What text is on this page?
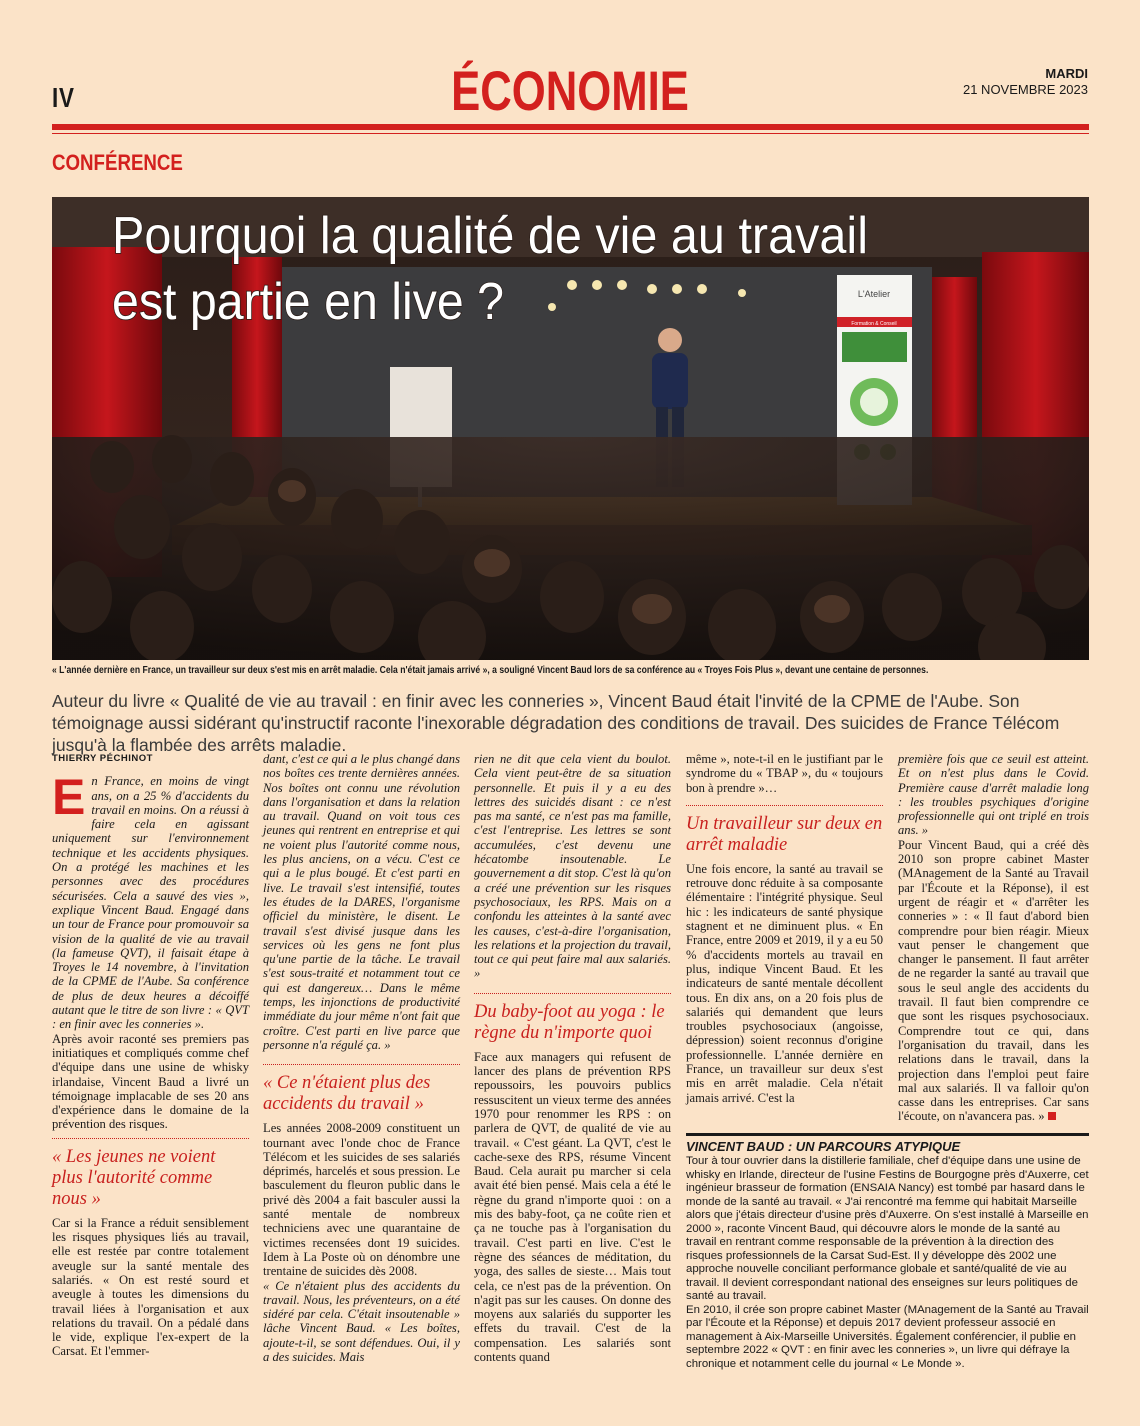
IV	ÉCONOMIE	MARDI
21 NOVEMBRE 2023
CONFÉRENCE
L'Atelier
Formation & Conseil
Pourquoi la qualité de vie au travail
est partie en live ?
« L'année dernière en France, un travailleur sur deux s'est mis en arrêt maladie. Cela n'était jamais arrivé », a souligné Vincent Baud lors de sa conférence au « Troyes Fois Plus », devant une centaine de personnes.
Auteur du livre « Qualité de vie au travail : en finir avec les conneries », Vincent Baud était l'invité de la CPME de l'Aube. Son témoignage aussi sidérant qu'instructif raconte l'inexorable dégradation des conditions de travail. Des suicides de France Télécom jusqu'à la flambée des arrêts maladie.
THIERRY PÉCHINOT

En France, en moins de vingt ans, on a 25 % d'accidents du travail en moins. On a réussi à faire cela en agissant uniquement sur l'environnement technique et les accidents physiques. On a protégé les machines et les personnes avec des procédures sécurisées. Cela a sauvé des vies », explique Vincent Baud. Engagé dans un tour de France pour promouvoir sa vision de la qualité de vie au travail (la fameuse QVT), il faisait étape à Troyes le 14 novembre, à l'invitation de la CPME de l'Aube. Sa conférence de plus de deux heures a décoiffé autant que le titre de son livre : « QVT : en finir avec les conneries ».

Après avoir raconté ses premiers pas initiatiques et compliqués comme chef d'équipe dans une usine de whisky irlandaise, Vincent Baud a livré un témoignage implacable de ses 20 ans d'expérience dans le domaine de la prévention des risques.

« Les jeunes ne voient plus l'autorité comme nous »

Car si la France a réduit sensiblement les risques physiques liés au travail, elle est restée par contre totalement aveugle sur la santé mentale des salariés. « On est resté sourd et aveugle à toutes les dimensions du travail liées à l'organisation et aux relations du travail. On a pédalé dans le vide, explique l'ex-expert de la Carsat. Et l'emmer-

dant, c'est ce qui a le plus changé dans nos boîtes ces trente dernières années. Nos boîtes ont connu une révolution dans l'organisation et dans la relation au travail. Quand on voit tous ces jeunes qui rentrent en entreprise et qui ne voient plus l'autorité comme nous, les plus anciens, on a vécu. C'est ce qui a le plus bougé. Et c'est parti en live. Le travail s'est intensifié, toutes les études de la DARES, l'organisme officiel du ministère, le disent. Le travail s'est divisé jusque dans les services où les gens ne font plus qu'une partie de la tâche. Le travail s'est sous-traité et notamment tout ce qui est dangereux… Dans le même temps, les injonctions de productivité immédiate du jour même n'ont fait que croître. C'est parti en live parce que personne n'a régulé ça. »

« Ce n'étaient plus des accidents du travail »

Les années 2008-2009 constituent un tournant avec l'onde choc de France Télécom et les suicides de ses salariés déprimés, harcelés et sous pression. Le basculement du fleuron public dans le privé dès 2004 a fait basculer aussi la santé mentale de nombreux techniciens avec une quarantaine de victimes recensées dont 19 suicides. Idem à La Poste où on dénombre une trentaine de suicides dès 2008.

« Ce n'étaient plus des accidents du travail. Nous, les préventeurs, on a été sidéré par cela. C'était insoutenable » lâche Vincent Baud. « Les boîtes, ajoute-t-il, se sont défendues. Oui, il y a des suicides. Mais

rien ne dit que cela vient du boulot. Cela vient peut-être de sa situation personnelle. Et puis il y a eu des lettres des suicidés disant : ce n'est pas ma santé, ce n'est pas ma famille, c'est l'entreprise. Les lettres se sont accumulées, c'est devenu une hécatombe insoutenable. Le gouvernement a dit stop. C'est là qu'on a créé une prévention sur les risques psychosociaux, les RPS. Mais on a confondu les atteintes à la santé avec les causes, c'est-à-dire l'organisation, les relations et la projection du travail, tout ce qui peut faire mal aux salariés. »

Du baby-foot au yoga : le règne du n'importe quoi

Face aux managers qui refusent de lancer des plans de prévention RPS repoussoirs, les pouvoirs publics ressuscitent un vieux terme des années 1970 pour renommer les RPS : on parlera de QVT, de qualité de vie au travail. « C'est géant. La QVT, c'est le cache-sexe des RPS, résume Vincent Baud. Cela aurait pu marcher si cela avait été bien pensé. Mais cela a été le règne du grand n'importe quoi : on a mis des baby-foot, ça ne coûte rien et ça ne touche pas à l'organisation du travail. C'est parti en live. C'est le règne des séances de méditation, du yoga, des salles de sieste… Mais tout cela, ce n'est pas de la prévention. On n'agit pas sur les causes. On donne des moyens aux salariés du supporter les effets du travail. C'est de la compensation. Les salariés sont contents quand

même », note-t-il en le justifiant par le syndrome du « TBAP », du « toujours bon à prendre »…

Un travailleur sur deux en arrêt maladie

Une fois encore, la santé au travail se retrouve donc réduite à sa composante élémentaire : l'intégrité physique. Seul hic : les indicateurs de santé physique stagnent et ne diminuent plus. « En France, entre 2009 et 2019, il y a eu 50 % d'accidents mortels au travail en plus, indique Vincent Baud. Et les indicateurs de santé mentale décollent tous. En dix ans, on a 20 fois plus de salariés qui demandent que leurs troubles psychosociaux (angoisse, dépression) soient reconnus d'origine professionnelle. L'année dernière en France, un travailleur sur deux s'est mis en arrêt maladie. Cela n'était jamais arrivé. C'est la

première fois que ce seuil est atteint. Et on n'est plus dans le Covid. Première cause d'arrêt maladie long : les troubles psychiques d'origine professionnelle qui ont triplé en trois ans. »

Pour Vincent Baud, qui a créé dès 2010 son propre cabinet Master (MAnagement de la Santé au Travail par l'Écoute et la Réponse), il est urgent de réagir et « d'arrêter les conneries » : « Il faut d'abord bien comprendre pour bien réagir. Mieux vaut penser le changement que changer le pansement. Il faut arrêter de ne regarder la santé au travail que sous le seul angle des accidents du travail. Il faut bien comprendre ce que sont les risques psychosociaux. Comprendre tout ce qui, dans l'organisation du travail, dans les relations dans le travail, dans la projection dans l'emploi peut faire mal aux salariés. Il va falloir qu'on casse dans les entreprises. Car sans l'écoute, on n'avancera pas. »

VINCENT BAUD : UN PARCOURS ATYPIQUE

Tour à tour ouvrier dans la distillerie familiale, chef d'équipe dans une usine de whisky en Irlande, directeur de l'usine Festins de Bourgogne près d'Auxerre, cet ingénieur brasseur de formation (ENSAIA Nancy) est tombé par hasard dans le monde de la santé au travail. « J'ai rencontré ma femme qui habitait Marseille alors que j'étais directeur d'usine près d'Auxerre. On s'est installé à Marseille en 2000 », raconte Vincent Baud, qui découvre alors le monde de la santé au travail en rentrant comme responsable de la prévention à la direction des risques professionnels de la Carsat Sud-Est. Il y développe dès 2002 une approche nouvelle conciliant performance globale et santé/qualité de vie au travail. Il devient correspondant national des enseignes sur leurs politiques de santé au travail.

En 2010, il crée son propre cabinet Master (MAnagement de la Santé au Travail par l'Écoute et la Réponse) et depuis 2017 devient professeur associé en management à Aix-Marseille Universités. Également conférencier, il publie en septembre 2022 « QVT : en finir avec les conneries », un livre qui défraye la chronique et notamment celle du journal « Le Monde ».
